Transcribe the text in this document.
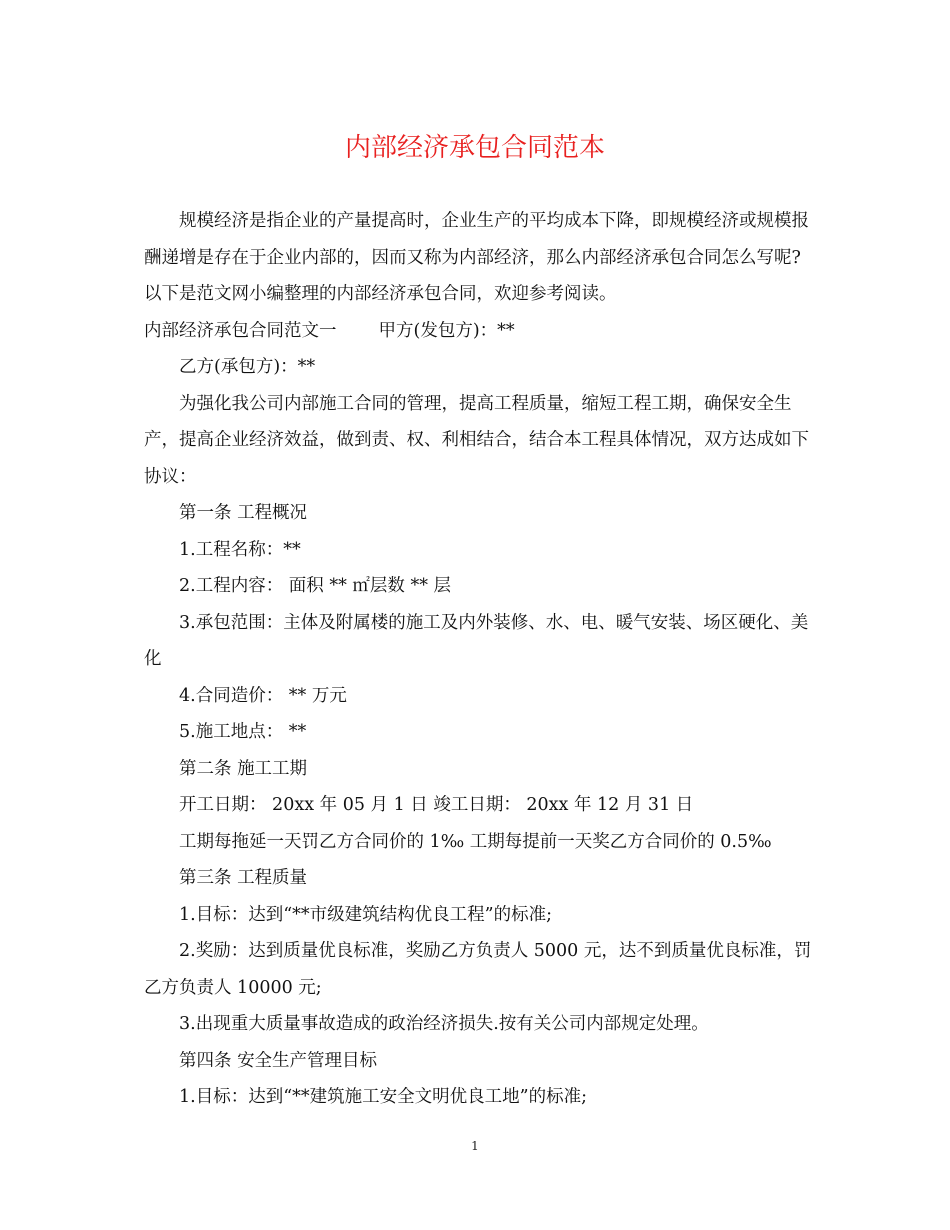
内部经济承包合同范本

规模经济是指企业的产量提高时，企业生产的平均成本下降，即规模经济或规模报酬递增是存在于企业内部的，因而又称为内部经济，那么内部经济承包合同怎么写呢?以下是范文网小编整理的内部经济承包合同，欢迎参考阅读。

内部经济承包合同范文一 甲方(发包方)：**

乙方(承包方)：**

为强化我公司内部施工合同的管理，提高工程质量，缩短工程工期，确保安全生产，提高企业经济效益，做到责、权、利相结合，结合本工程具体情况，双方达成如下协议：

第一条 工程概况

1.工程名称：**

2.工程内容： 面积 ** ㎡层数 ** 层

3.承包范围：主体及附属楼的施工及内外装修、水、电、暖气安装、场区硬化、美化

4.合同造价： ** 万元

5.施工地点： **

第二条 施工工期

开工日期： 20xx 年 05 月 1 日 竣工日期： 20xx 年 12 月 31 日

工期每拖延一天罚乙方合同价的 1‰ 工期每提前一天奖乙方合同价的 0.5‰

第三条 工程质量

1.目标：达到“**市级建筑结构优良工程”的标准;

2.奖励：达到质量优良标准，奖励乙方负责人 5000 元，达不到质量优良标准，罚乙方负责人 10000 元;

3.出现重大质量事故造成的政治经济损失.按有关公司内部规定处理。

第四条 安全生产管理目标

1.目标：达到“**建筑施工安全文明优良工地”的标准;

1
